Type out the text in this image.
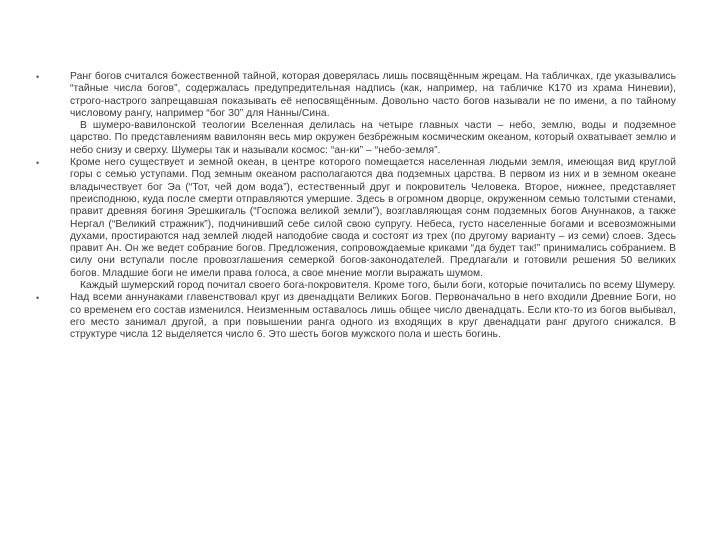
•	Ранг богов считался божественной тайной, которая доверялась лишь посвящённым жрецам. На табличках, где указывались “тайные числа богов”, содержалась предупредительная надпись (как, например, на табличке К170 из храма Ниневии), строго-настрого запрещавшая показывать её непосвящённым. Довольно часто богов называли не по имени, а по тайному числовому рангу, например “бог 30” для Нанны/Сина.

В шумеро-вавилонской теологии Вселенная делилась на четыре главных части – небо, землю, воды и подземное царство. По представлениям вавилонян весь мир окружен безбрежным космическим океаном, который охватывает землю и небо снизу и сверху. Шумеры так и называли космос: “ан-ки” – “небо-земля”.

•	Кроме него существует и земной океан, в центре которого помещается населенная людьми земля, имеющая вид круглой горы с семью уступами. Под земным океаном располагаются два подземных царства. В первом из них и в земном океане владычествует бог Эа (“Тот, чей дом вода”), естественный друг и покровитель Человека. Второе, нижнее, представляет преисподнюю, куда после смерти отправляются умершие. Здесь в огромном дворце, окруженном семью толстыми стенами, правит древняя богиня Эрешкигаль (“Госпожа великой земли”), возглавляющая сонм подземных богов Ануннаков, а также Нергал (“Великий стражник”), подчинивший себе силой свою супругу. Небеса, густо населенные богами и всевозможными духами, простираются над землей людей наподобие свода и состоят из трех (по другому варианту – из семи) слоев. Здесь правит Ан. Он же ведет собрание богов. Предложения, сопровождаемые криками “да будет так!” принимались собранием. В силу они вступали после провозглашения семеркой богов-законодателей. Предлагали и готовили решения 50 великих богов. Младшие боги не имели права голоса, а свое мнение могли выражать шумом.

Каждый шумерский город почитал своего бога-покровителя. Кроме того, были боги, которые почитались по всему Шумеру.

•	Над всеми аннунаками главенствовал круг из двенадцати Великих Богов. Первоначально в него входили Древние Боги, но со временем его состав изменился. Неизменным оставалось лишь общее число двенадцать. Если кто-то из богов выбывал, его место занимал другой, а при повышении ранга одного из входящих в круг двенадцати ранг другого снижался. В структуре числа 12 выделяется число 6. Это шесть богов мужского пола и шесть богинь.
